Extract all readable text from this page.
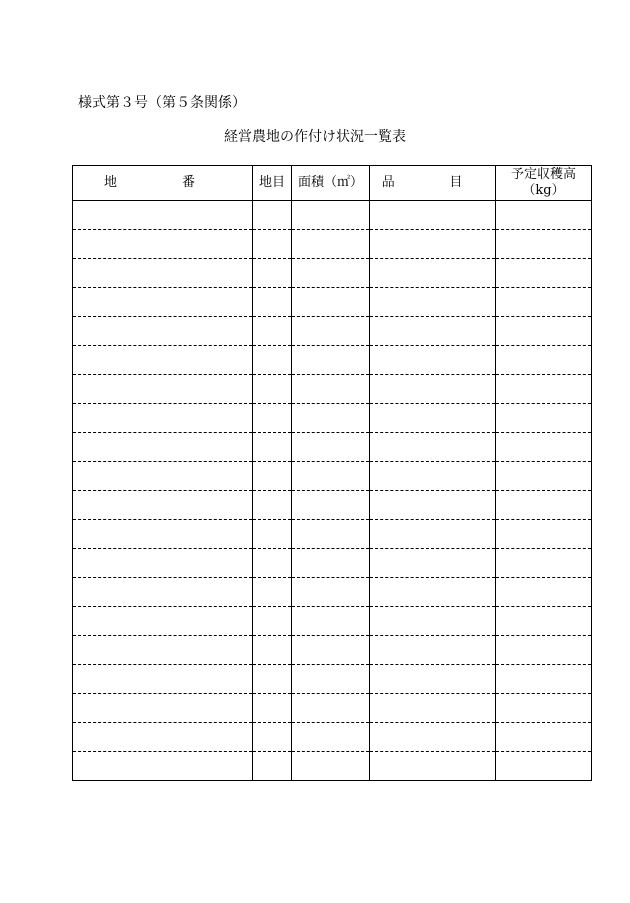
様式第３号（第５条関係）
経営農地の作付け状況一覧表
地　番	地目	面積（㎡）	品　目	予定収穫高
（kg）
